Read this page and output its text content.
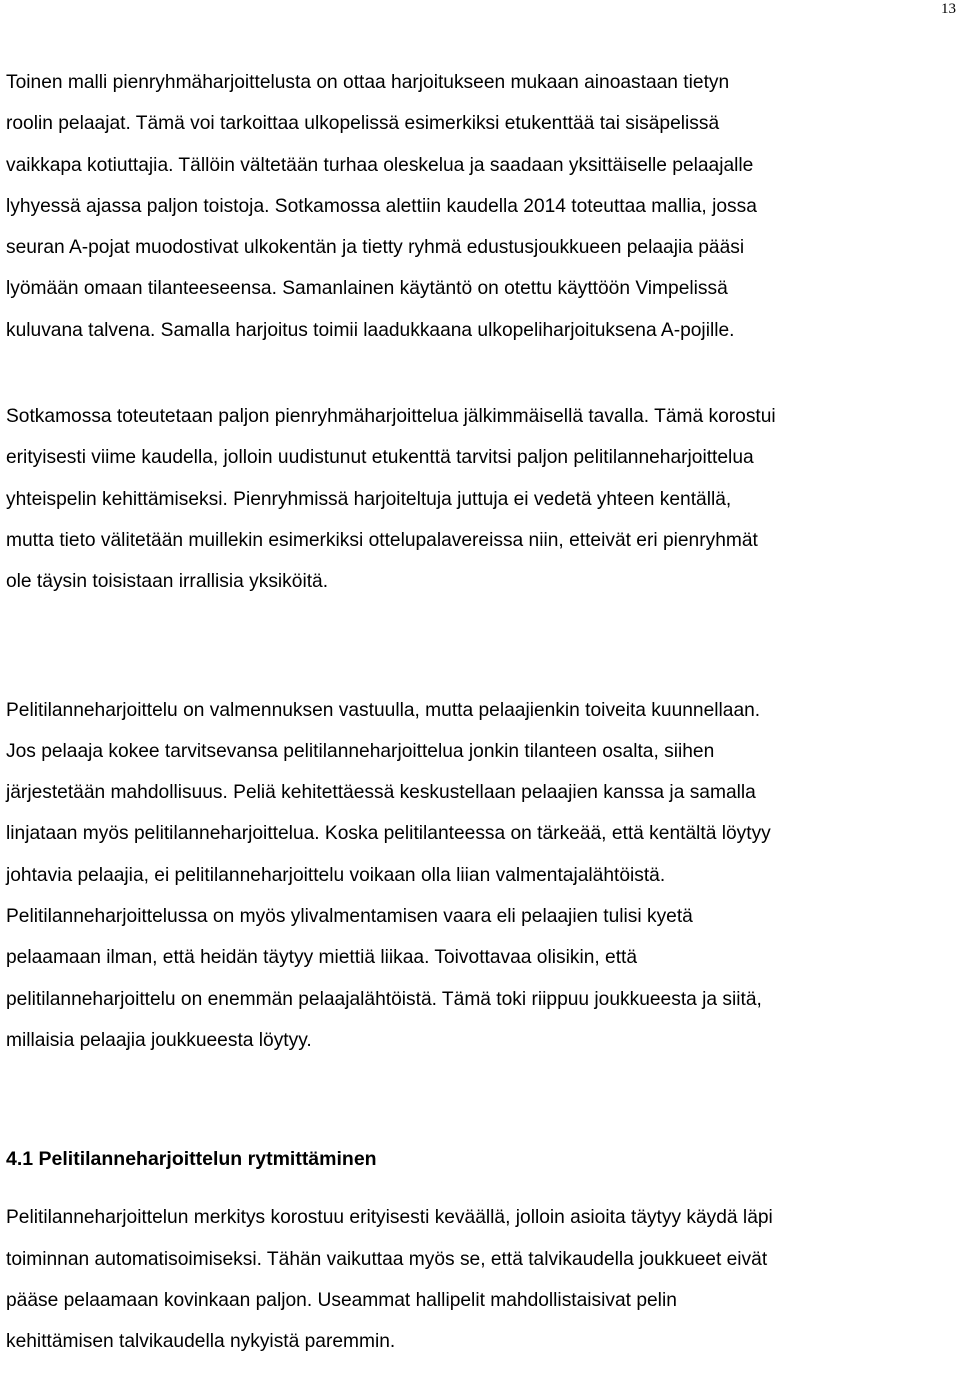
13

Toinen malli pienryhmäharjoittelusta on ottaa harjoitukseen mukaan ainoastaan tietyn
roolin pelaajat. Tämä voi tarkoittaa ulkopelissä esimerkiksi etukenttää tai sisäpelissä
vaikkapa kotiuttajia. Tällöin vältetään turhaa oleskelua ja saadaan yksittäiselle pelaajalle
lyhyessä ajassa paljon toistoja. Sotkamossa alettiin kaudella 2014 toteuttaa mallia, jossa
seuran A-pojat muodostivat ulkokentän ja tietty ryhmä edustusjoukkueen pelaajia pääsi
lyömään omaan tilanteeseensa. Samanlainen käytäntö on otettu käyttöön Vimpelissä
kuluvana talvena. Samalla harjoitus toimii laadukkaana ulkopeliharjoituksena A-pojille.

Sotkamossa toteutetaan paljon pienryhmäharjoittelua jälkimmäisellä tavalla. Tämä korostui
erityisesti viime kaudella, jolloin uudistunut etukenttä tarvitsi paljon pelitilanneharjoittelua
yhteispelin kehittämiseksi. Pienryhmissä harjoiteltuja juttuja ei vedetä yhteen kentällä,
mutta tieto välitetään muillekin esimerkiksi ottelupalavereissa niin, etteivät eri pienryhmät
ole täysin toisistaan irrallisia yksiköitä.

Pelitilanneharjoittelu on valmennuksen vastuulla, mutta pelaajienkin toiveita kuunnellaan.
Jos pelaaja kokee tarvitsevansa pelitilanneharjoittelua jonkin tilanteen osalta, siihen
järjestetään mahdollisuus. Peliä kehitettäessä keskustellaan pelaajien kanssa ja samalla
linjataan myös pelitilanneharjoittelua. Koska pelitilanteessa on tärkeää, että kentältä löytyy
johtavia pelaajia, ei pelitilanneharjoittelu voikaan olla liian valmentajalähtöistä.
Pelitilanneharjoittelussa on myös ylivalmentamisen vaara eli pelaajien tulisi kyetä
pelaamaan ilman, että heidän täytyy miettiä liikaa. Toivottavaa olisikin, että
pelitilanneharjoittelu on enemmän pelaajalähtöistä. Tämä toki riippuu joukkueesta ja siitä,
millaisia pelaajia joukkueesta löytyy.

4.1 Pelitilanneharjoittelun rytmittäminen

Pelitilanneharjoittelun merkitys korostuu erityisesti keväällä, jolloin asioita täytyy käydä läpi
toiminnan automatisoimiseksi. Tähän vaikuttaa myös se, että talvikaudella joukkueet eivät
pääse pelaamaan kovinkaan paljon. Useammat hallipelit mahdollistaisivat pelin
kehittämisen talvikaudella nykyistä paremmin.
